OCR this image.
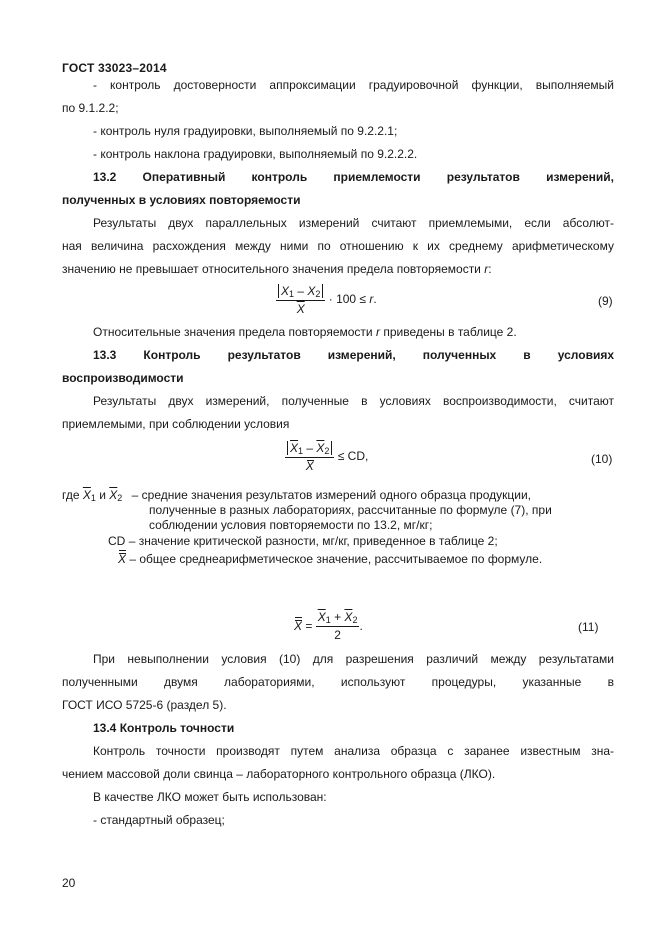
ГОСТ 33023–2014
- контроль достоверности аппроксимации градуировочной функции, выполняемый
по 9.1.2.2;
- контроль нуля градуировки, выполняемый по 9.2.2.1;
- контроль наклона градуировки, выполняемый по 9.2.2.2.
13.2 Оперативный контроль приемлемости результатов измерений,
полученных в условиях повторяемости
Результаты двух параллельных измерений считают приемлемыми, если абсолют-
ная величина расхождения между ними по отношению к их среднему арифметическому
значению не превышает относительного значения предела повторяемости r:
$\frac{X_1 - X_2}{X} \cdot 100 \le r$.	(9)
Относительные значения предела повторяемости r приведены в таблице 2.
13.3 Контроль результатов измерений, полученных в условиях
воспроизводимости
Результаты двух измерений, полученные в условиях воспроизводимости, считают
приемлемыми, при соблюдении условия
$\frac{\overline{X}_1 - \overline{X}_2}{X}$ ≤ CD,	(10)
где $\overline{X}_1$ и $\overline{X}_2$ – средние значения результатов измерений одного образца продукции,
полученные в разных лабораториях, рассчитанные по формуле (7), при
соблюдении условия повторяемости по 13.2, мг/кг;
CD – значение критической разности, мг/кг, приведенное в таблице 2;
X – общее среднеарифметическое значение, рассчитываемое по формуле.
$X = \frac{\overline{X}_1 + \overline{X}_2}{2}$ .	(11)
При невыполнении условия (10) для разрешения различий между результатами
полученными двумя лабораториями, используют процедуры, указанные в
ГОСТ ИСО 5725-6 (раздел 5).
13.4 Контроль точности
Контроль точности производят путем анализа образца с заранее известным зна-
чением массовой доли свинца – лабораторного контрольного образца (ЛКО).
В качестве ЛКО может быть использован:
- стандартный образец;
20
